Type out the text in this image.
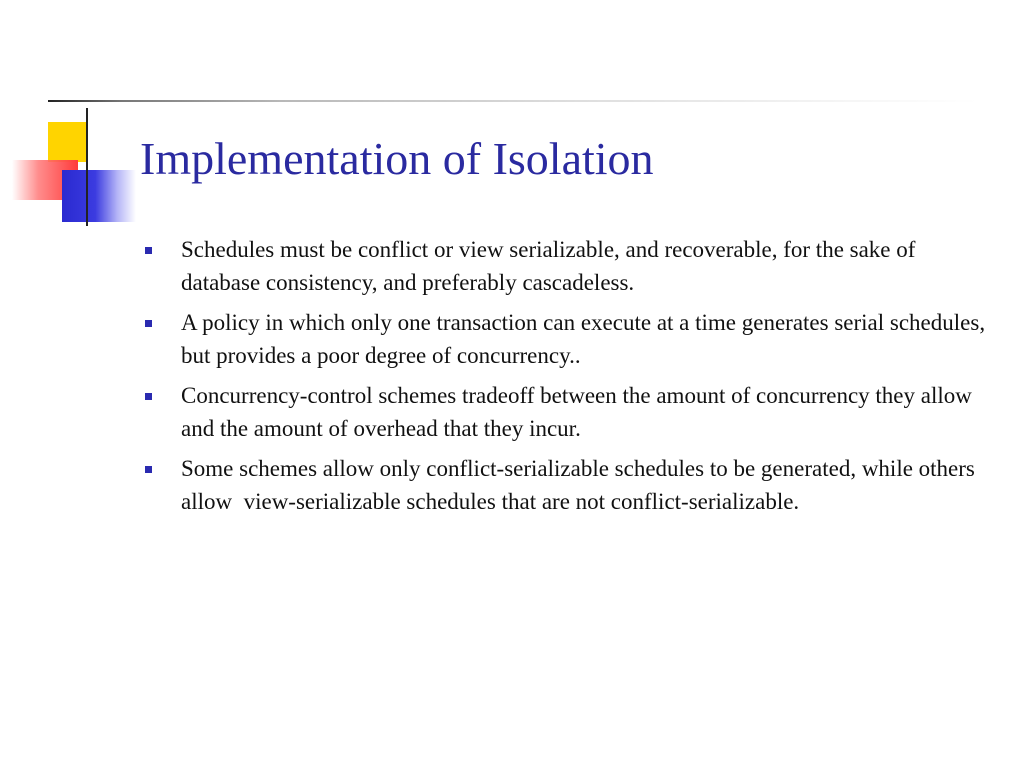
Implementation of Isolation
Schedules must be conflict or view serializable, and recoverable, for the sake of database consistency, and preferably cascadeless.
A policy in which only one transaction can execute at a time generates serial schedules, but provides a poor degree of concurrency..
Concurrency-control schemes tradeoff between the amount of concurrency they allow and the amount of overhead that they incur.
Some schemes allow only conflict-serializable schedules to be generated, while others allow  view-serializable schedules that are not conflict-serializable.
